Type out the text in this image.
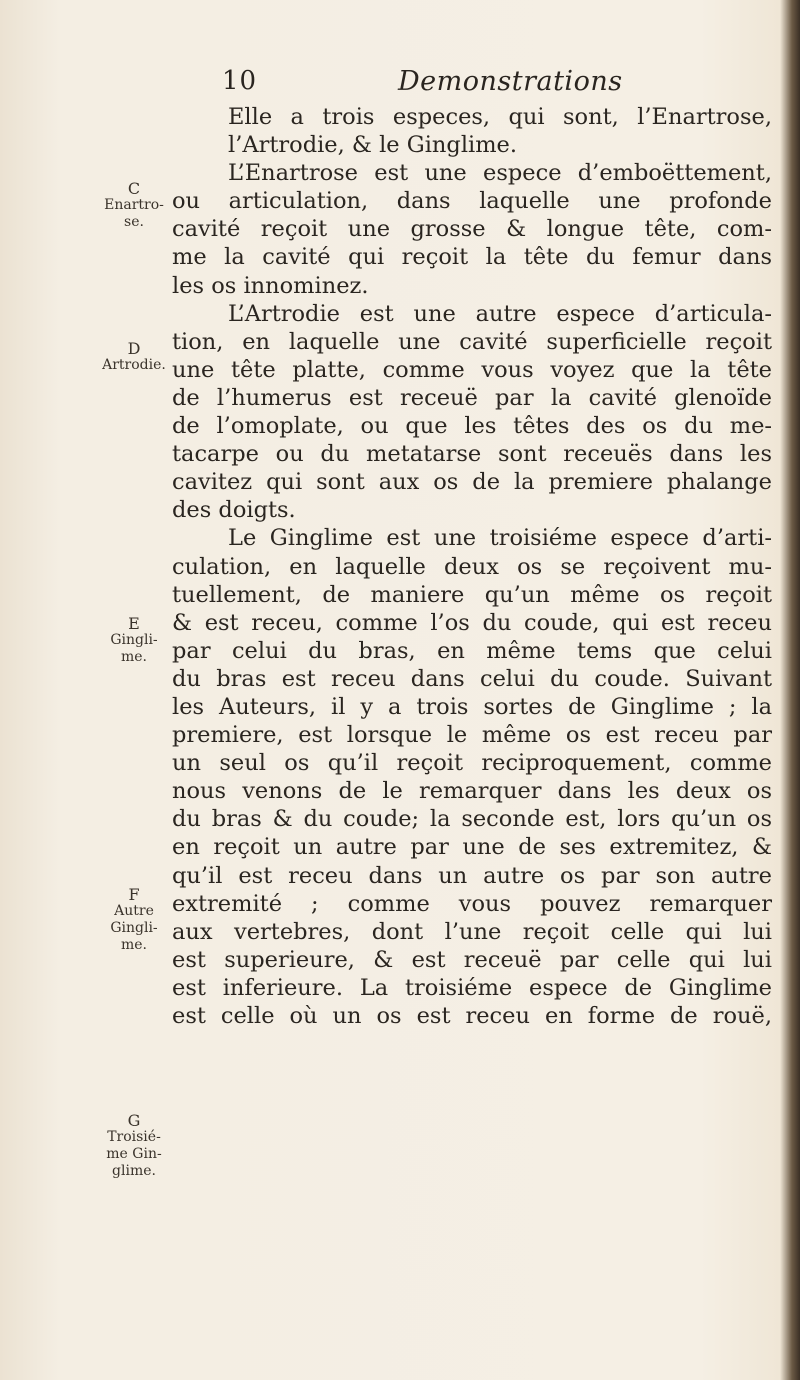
10	Demonstrations
C
Enartro-
se.
D
Artrodie.
E
Gingli-
me.
F
Autre
Gingli-
me.
G
Troisié-
me Gin-
glime.

Elle a trois especes, qui sont, l’Enartrose,
l’Artrodie, & le Ginglime.

L’Enartrose est une espece d’emboëttement,
ou articulation, dans laquelle une profonde
cavité reçoit une grosse & longue tête, com-
me la cavité qui reçoit la tête du femur dans
les os innominez.

L’Artrodie est une autre espece d’articula-
tion, en laquelle une cavité superficielle reçoit
une tête platte, comme vous voyez que la tête
de l’humerus est receuë par la cavité glenoïde
de l’omoplate, ou que les têtes des os du me-
tacarpe ou du metatarse sont receuës dans les
cavitez qui sont aux os de la premiere phalange
des doigts.

Le Ginglime est une troisiéme espece d’arti-
culation, en laquelle deux os se reçoivent mu-
tuellement, de maniere qu’un même os reçoit
& est receu, comme l’os du coude, qui est receu
par celui du bras, en même tems que celui
du bras est receu dans celui du coude. Suivant
les Auteurs, il y a trois sortes de Ginglime ; la
premiere, est lorsque le même os est receu par
un seul os qu’il reçoit reciproquement, comme
nous venons de le remarquer dans les deux os
du bras & du coude; la seconde est, lors qu’un os
en reçoit un autre par une de ses extremitez, &
qu’il est receu dans un autre os par son autre
extremité ; comme vous pouvez remarquer
aux vertebres, dont l’une reçoit celle qui lui
est superieure, & est receuë par celle qui lui
est inferieure. La troisiéme espece de Ginglime
est celle où un os est receu en forme de rouë,
